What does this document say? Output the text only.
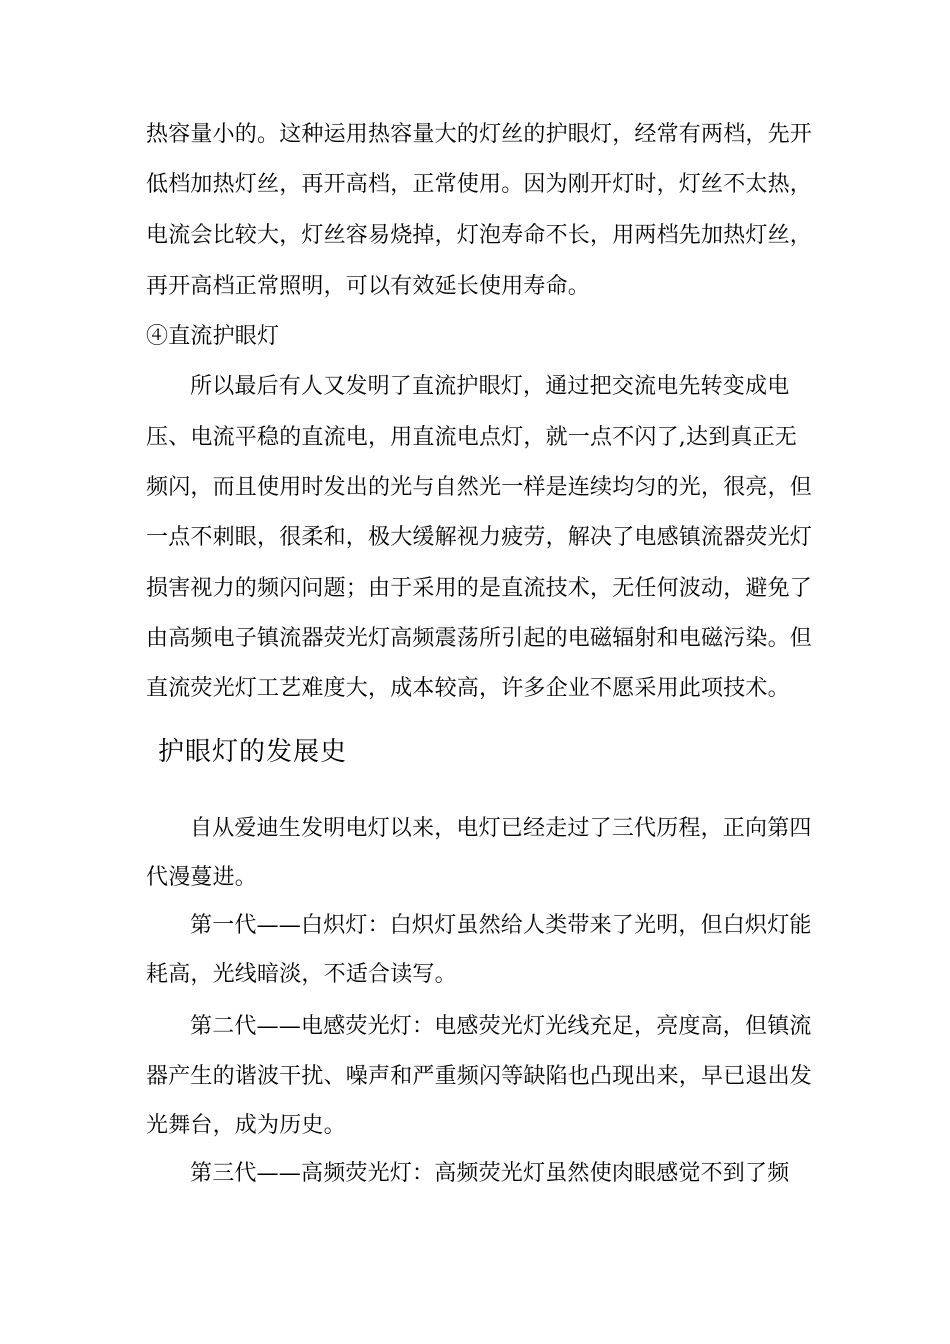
热容量小的。这种运用热容量大的灯丝的护眼灯，经常有两档，先开
低档加热灯丝，再开高档，正常使用。因为刚开灯时，灯丝不太热，
电流会比较大，灯丝容易烧掉，灯泡寿命不长，用两档先加热灯丝，
再开高档正常照明，可以有效延长使用寿命。
④直流护眼灯
所以最后有人又发明了直流护眼灯，通过把交流电先转变成电
压、电流平稳的直流电，用直流电点灯，就一点不闪了,达到真正无
频闪，而且使用时发出的光与自然光一样是连续均匀的光，很亮，但
一点不刺眼，很柔和，极大缓解视力疲劳，解决了电感镇流器荧光灯
损害视力的频闪问题；由于采用的是直流技术，无任何波动，避免了
由高频电子镇流器荧光灯高频震荡所引起的电磁辐射和电磁污染。但
直流荧光灯工艺难度大，成本较高，许多企业不愿采用此项技术。
护眼灯的发展史
自从爱迪生发明电灯以来，电灯已经走过了三代历程，正向第四
代漫蔓进。
第一代——白炽灯：白炽灯虽然给人类带来了光明，但白炽灯能
耗高，光线暗淡，不适合读写。
第二代——电感荧光灯：电感荧光灯光线充足，亮度高，但镇流
器产生的谐波干扰、噪声和严重频闪等缺陷也凸现出来，早已退出发
光舞台，成为历史。
第三代——高频荧光灯：高频荧光灯虽然使肉眼感觉不到了频
